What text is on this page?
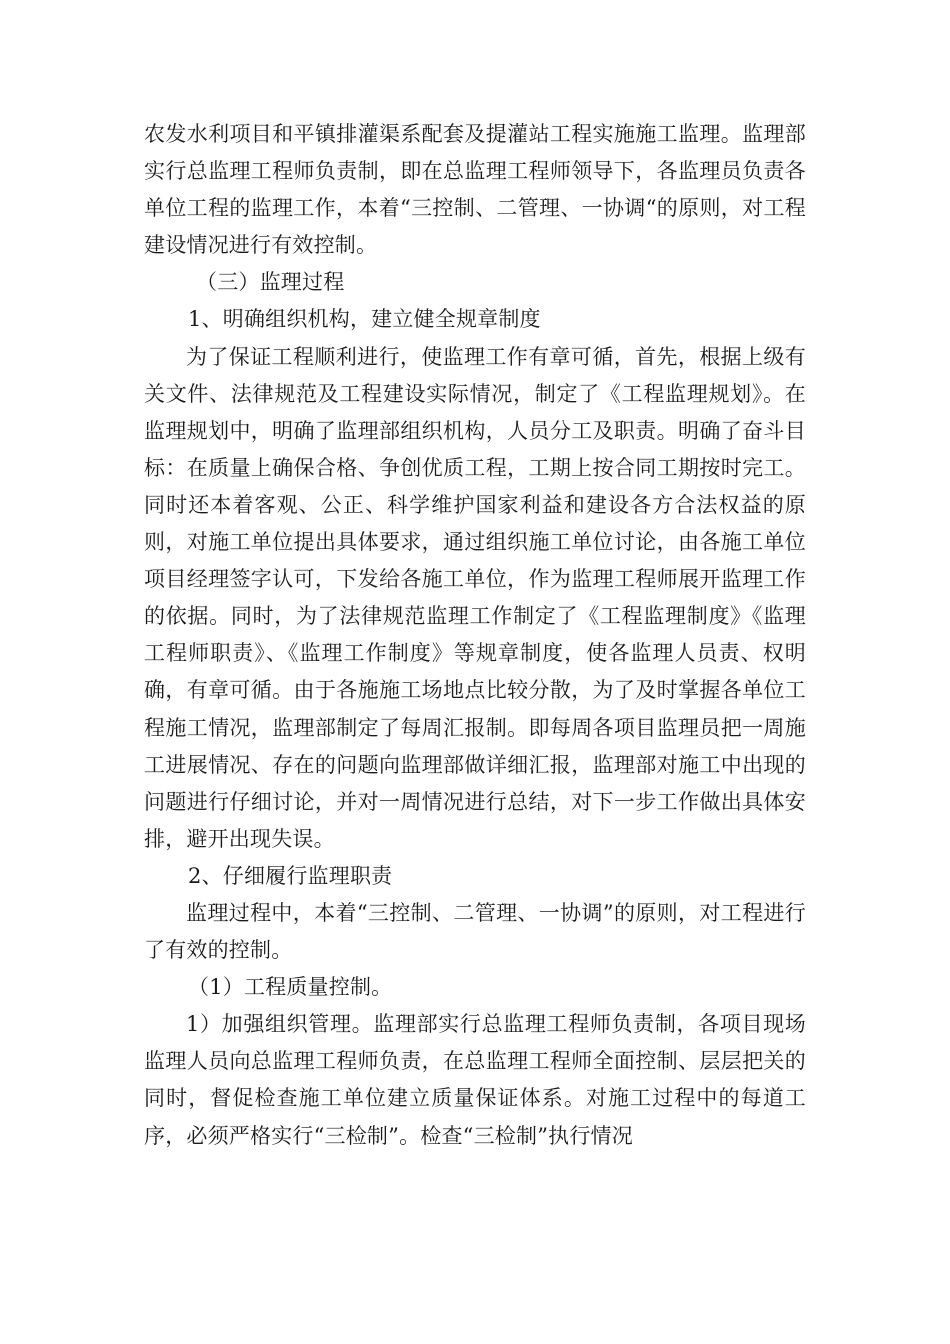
农发水利项目和平镇排灌渠系配套及提灌站工程实施施工监理。监理部实行总监理工程师负责制，即在总监理工程师领导下，各监理员负责各单位工程的监理工作，本着“三控制、二管理、一协调“的原则，对工程建设情况进行有效控制。

（三）监理过程

1、明确组织机构，建立健全规章制度

为了保证工程顺利进行，使监理工作有章可循，首先，根据上级有关文件、法律规范及工程建设实际情况，制定了《工程监理规划》。在监理规划中，明确了监理部组织机构，人员分工及职责。明确了奋斗目标：在质量上确保合格、争创优质工程，工期上按合同工期按时完工。同时还本着客观、公正、科学维护国家利益和建设各方合法权益的原则，对施工单位提出具体要求，通过组织施工单位讨论，由各施工单位项目经理签字认可，下发给各施工单位，作为监理工程师展开监理工作的依据。同时，为了法律规范监理工作制定了《工程监理制度》《监理工程师职责》、《监理工作制度》等规章制度，使各监理人员责、权明确，有章可循。由于各施施工场地点比较分散，为了及时掌握各单位工程施工情况，监理部制定了每周汇报制。即每周各项目监理员把一周施工进展情况、存在的问题向监理部做详细汇报，监理部对施工中出现的问题进行仔细讨论，并对一周情况进行总结，对下一步工作做出具体安排，避开出现失误。

2、仔细履行监理职责

监理过程中，本着“三控制、二管理、一协调”的原则，对工程进行了有效的控制。

（1）工程质量控制。

1）加强组织管理。监理部实行总监理工程师负责制，各项目现场监理人员向总监理工程师负责，在总监理工程师全面控制、层层把关的同时，督促检查施工单位建立质量保证体系。对施工过程中的每道工序，必须严格实行“三检制”。检查“三检制”执行情况
